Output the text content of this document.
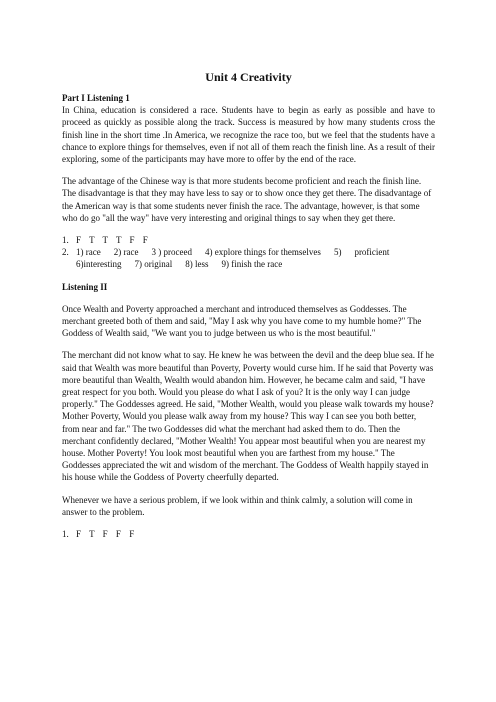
Unit 4 Creativity
Part I Listening 1

In China, education is considered a race. Students have to begin as early as possible and have to proceed as quickly as possible along the track. Success is measured by how many students cross the finish line in the short time .In America, we recognize the race too, but we feel that the students have a chance to explore things for themselves, even if not all of them reach the finish line. As a result of their exploring, some of the participants may have more to offer by the end of the race.

The advantage of the Chinese way is that more students become proficient and reach the finish line. The disadvantage is that they may have less to say or to show once they get there. The disadvantage of the American way is that some students never finish the race. The advantage, however, is that some who do go "all the way" have very interesting and original things to say when they get there.

1. F T T T F F
2. 1) race 2) race 3 ) proceed 4) explore things for themselves 5) proficient
6)interesting 7) original 8) less 9) finish the race
Listening II

Once Wealth and Poverty approached a merchant and introduced themselves as Goddesses. The merchant greeted both of them and said, "May I ask why you have come to my humble home?" The Goddess of Wealth said, "We want you to judge between us who is the most beautiful."

The merchant did not know what to say. He knew he was between the devil and the deep blue sea. If he said that Wealth was more beautiful than Poverty, Poverty would curse him. If he said that Poverty was more beautiful than Wealth, Wealth would abandon him. However, he became calm and said, "I have great respect for you both. Would you please do what I ask of you? It is the only way I can judge properly." The Goddesses agreed. He said, "Mother Wealth, would you please walk towards my house? Mother Poverty, Would you please walk away from my house? This way I can see you both better, from near and far." The two Goddesses did what the merchant had asked them to do. Then the merchant confidently declared, "Mother Wealth! You appear most beautiful when you are nearest my house. Mother Poverty! You look most beautiful when you are farthest from my house." The Goddesses appreciated the wit and wisdom of the merchant. The Goddess of Wealth happily stayed in his house while the Goddess of Poverty cheerfully departed.

Whenever we have a serious problem, if we look within and think calmly, a solution will come in answer to the problem.

1. F T F F F
